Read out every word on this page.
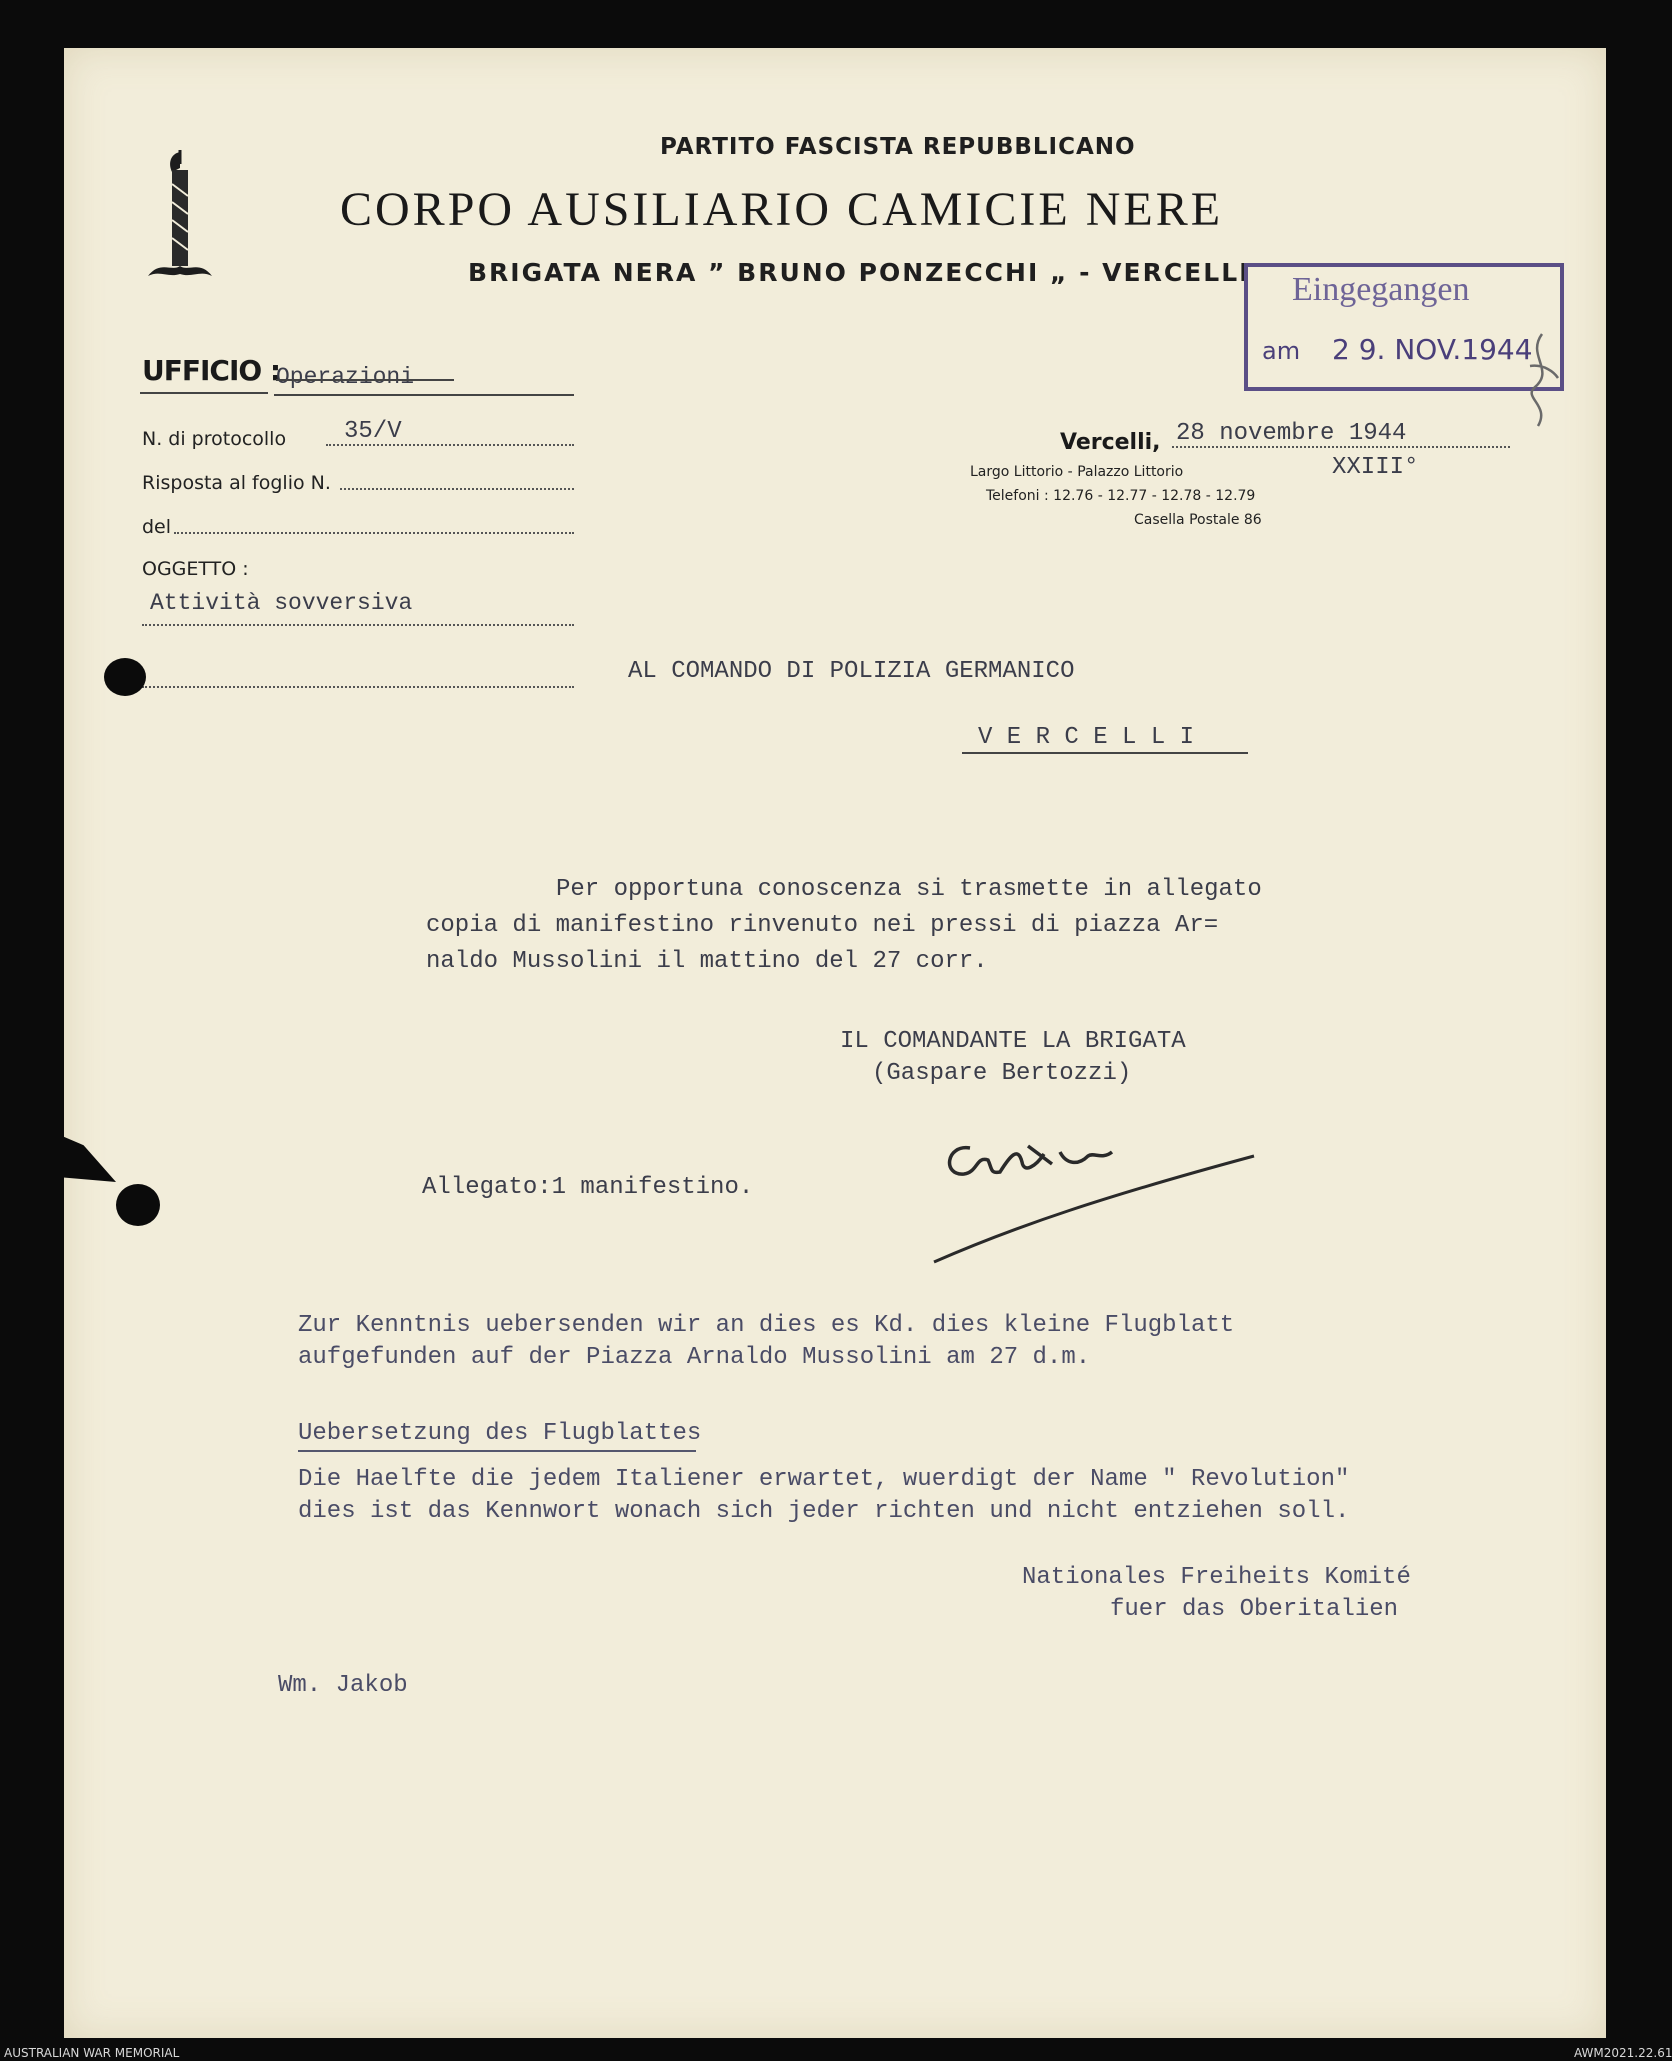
PARTITO FASCISTA REPUBBLICANO
CORPO AUSILIARIO CAMICIE NERE
BRIGATA NERA ” BRUNO PONZECCHI „ - VERCELLI Eingegangen
am 2 9. NOV.1944
UFFICIO :
Operazioni
N. di protocollo 35/V
Risposta al foglio N.
del
OGGETTO :
Attività sovversiva
Vercelli, 28 novembre 1944
XXIII°
Largo Littorio - Palazzo Littorio
Telefoni : 12.76 - 12.77 - 12.78 - 12.79
Casella Postale 86
AL COMANDO DI POLIZIA GERMANICO
V E R C E L L I
Per opportuna conoscenza si trasmette in allegato
copia di manifestino rinvenuto nei pressi di piazza Ar=
naldo Mussolini il mattino del 27 corr.
IL COMANDANTE LA BRIGATA
(Gaspare Bertozzi)
Allegato:1 manifestino.
Zur Kenntnis uebersenden wir an dies es Kd. dies kleine Flugblatt
aufgefunden auf der Piazza Arnaldo Mussolini am 27 d.m.
Uebersetzung des Flugblattes
Die Haelfte die jedem Italiener erwartet, wuerdigt der Name " Revolution"
dies ist das Kennwort wonach sich jeder richten und nicht entziehen soll.
Nationales Freiheits Komité
fuer das Oberitalien
Wm. Jakob
AUSTRALIAN WAR MEMORIAL	AWM2021.22.61
